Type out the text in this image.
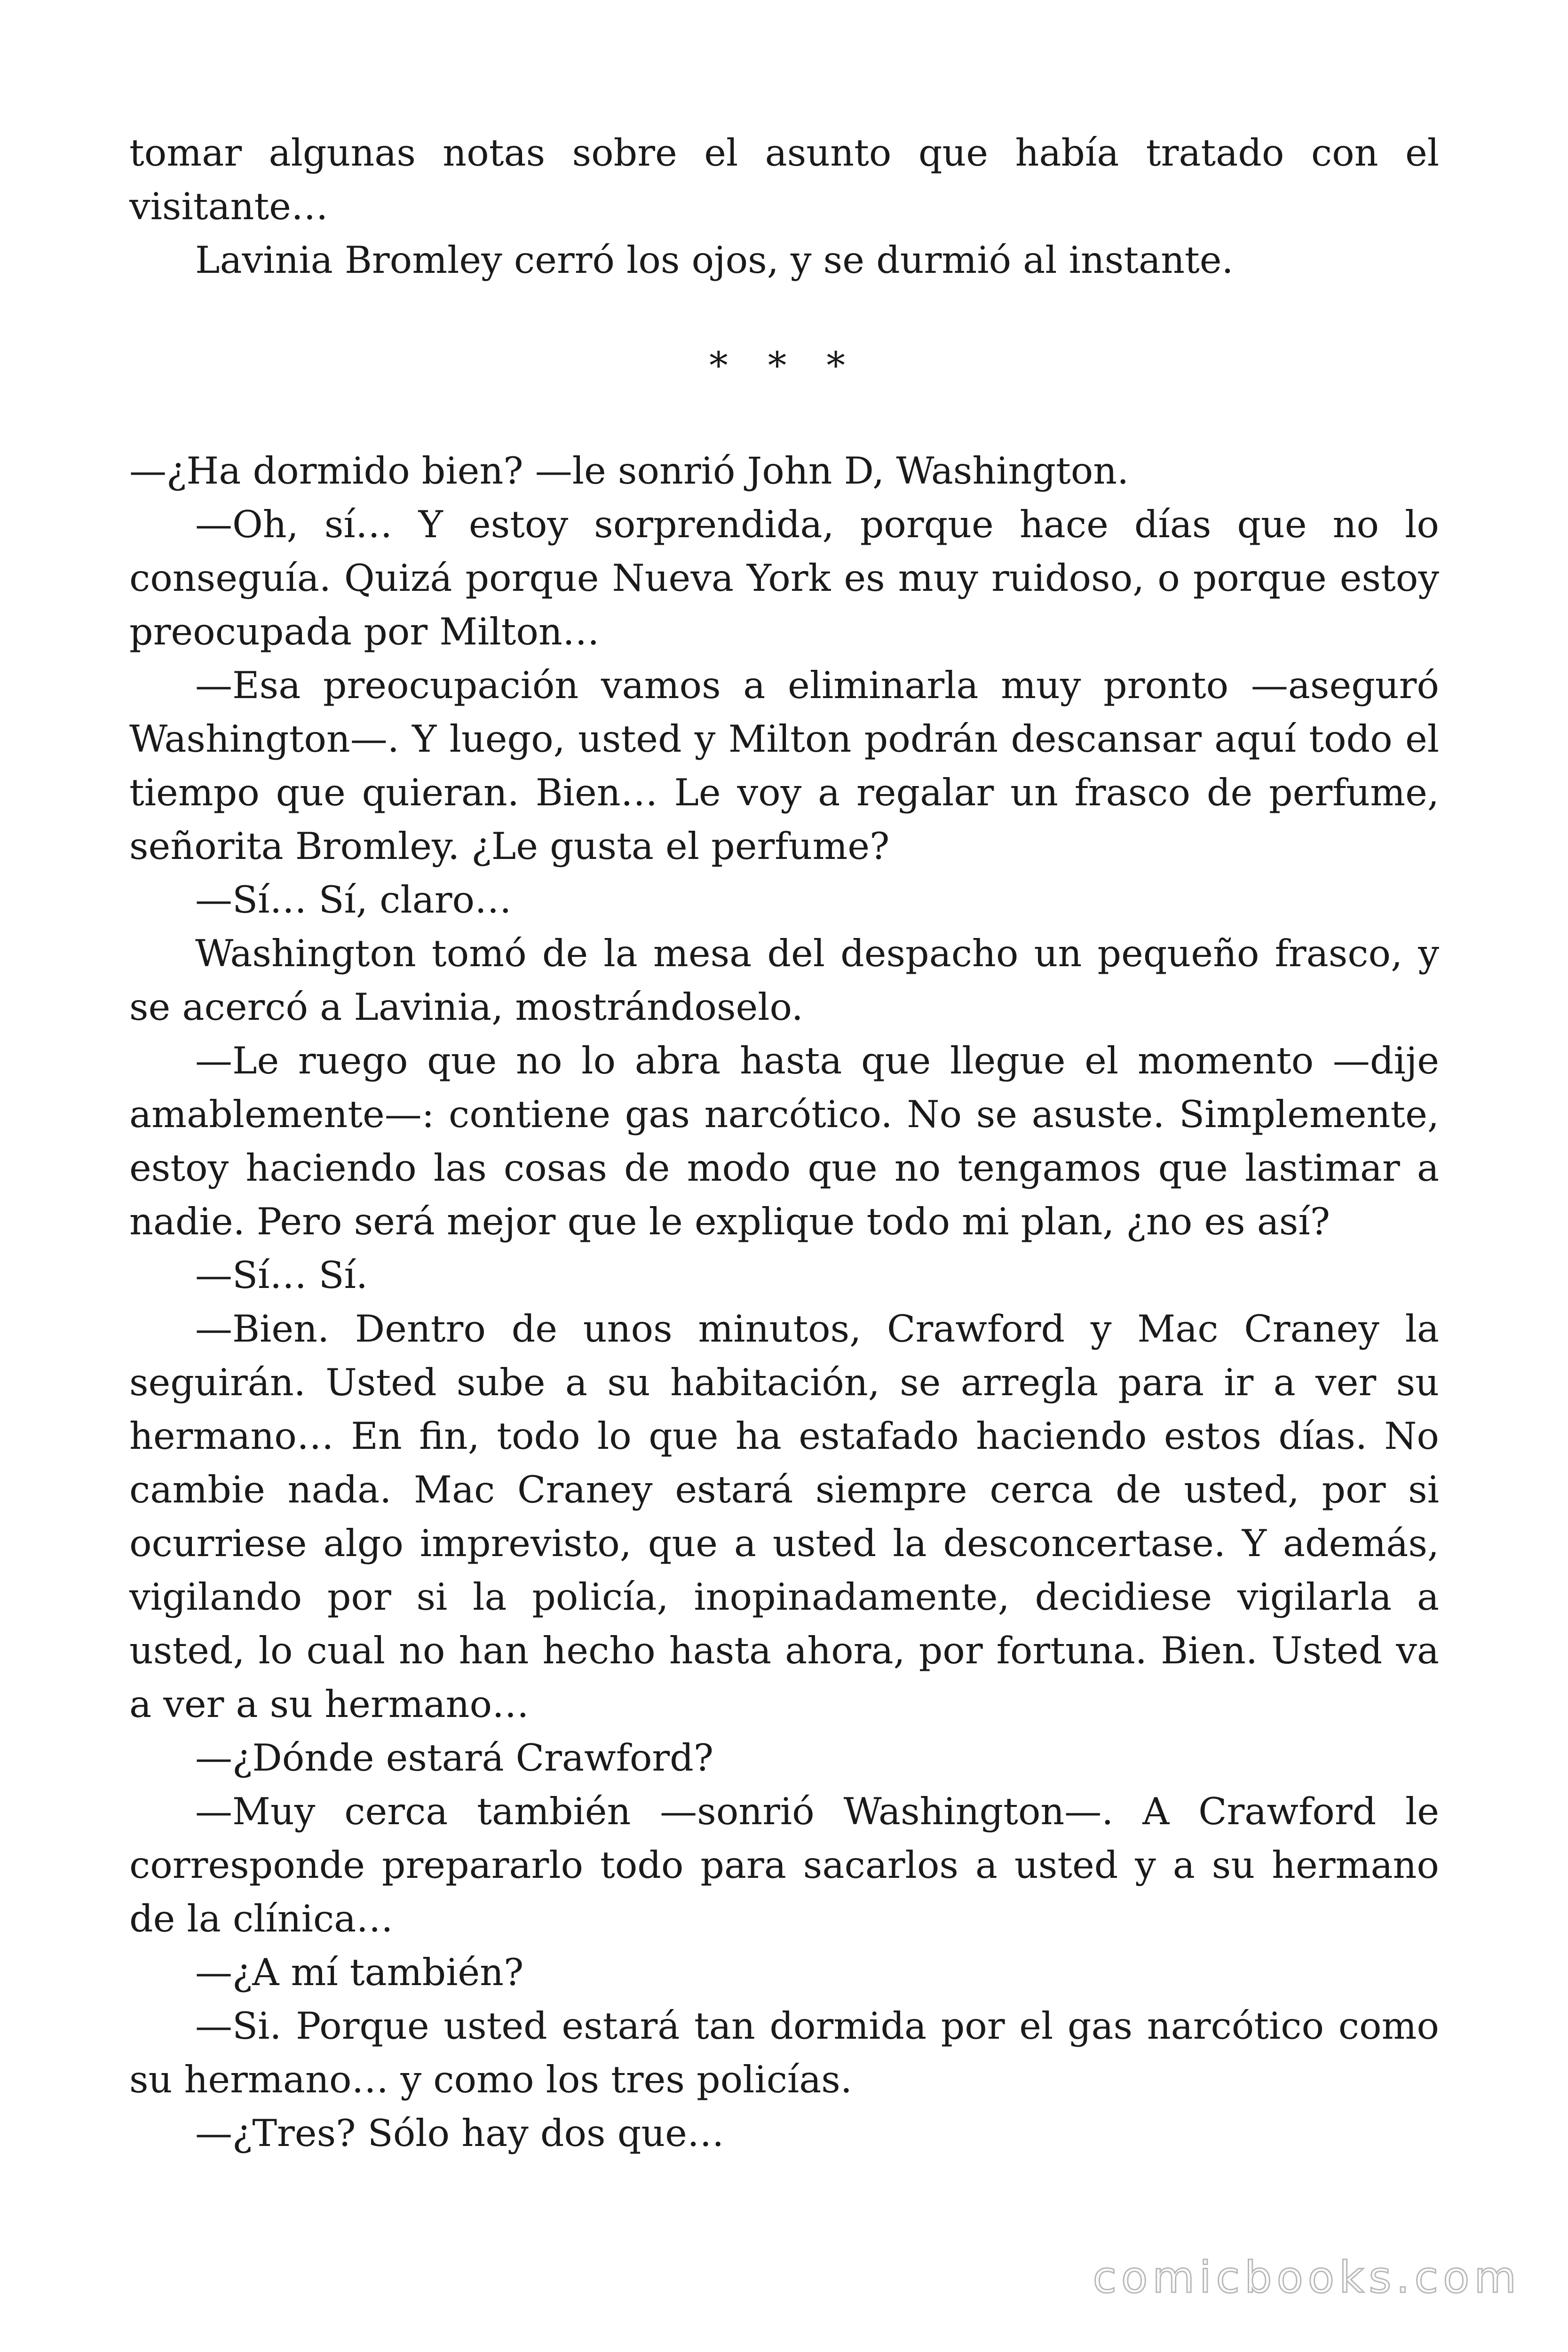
tomar algunas notas sobre el asunto que había tratado con el visitante…

Lavinia Bromley cerró los ojos, y se durmió al instante.

* * *

—¿Ha dormido bien? —le sonrió John D, Washington.

—Oh, sí… Y estoy sorprendida, porque hace días que no lo conseguía. Quizá porque Nueva York es muy ruidoso, o porque estoy preocupada por Milton…

—Esa preocupación vamos a eliminarla muy pronto —aseguró Washington—. Y luego, usted y Milton podrán descansar aquí todo el tiempo que quieran. Bien… Le voy a regalar un frasco de perfume, señorita Bromley. ¿Le gusta el perfume?

—Sí… Sí, claro…

Washington tomó de la mesa del despacho un pequeño frasco, y se acercó a Lavinia, mostrándoselo.

—Le ruego que no lo abra hasta que llegue el momento —dije amablemente—: contiene gas narcótico. No se asuste. Simplemente, estoy haciendo las cosas de modo que no tengamos que lastimar a nadie. Pero será mejor que le explique todo mi plan, ¿no es así?

—Sí… Sí.

—Bien. Dentro de unos minutos, Crawford y Mac Craney la seguirán. Usted sube a su habitación, se arregla para ir a ver su hermano… En fin, todo lo que ha estafado haciendo estos días. No cambie nada. Mac Craney estará siempre cerca de usted, por si ocurriese algo imprevisto, que a usted la desconcertase. Y además, vigilando por si la policía, inopinadamente, decidiese vigilarla a usted, lo cual no han hecho hasta ahora, por fortuna. Bien. Usted va a ver a su hermano…

—¿Dónde estará Crawford?

—Muy cerca también —sonrió Washington—. A Crawford le corresponde prepararlo todo para sacarlos a usted y a su hermano de la clínica…

—¿A mí también?

—Si. Porque usted estará tan dormida por el gas narcótico como su hermano… y como los tres policías.

—¿Tres? Sólo hay dos que…

comicbooks.com
